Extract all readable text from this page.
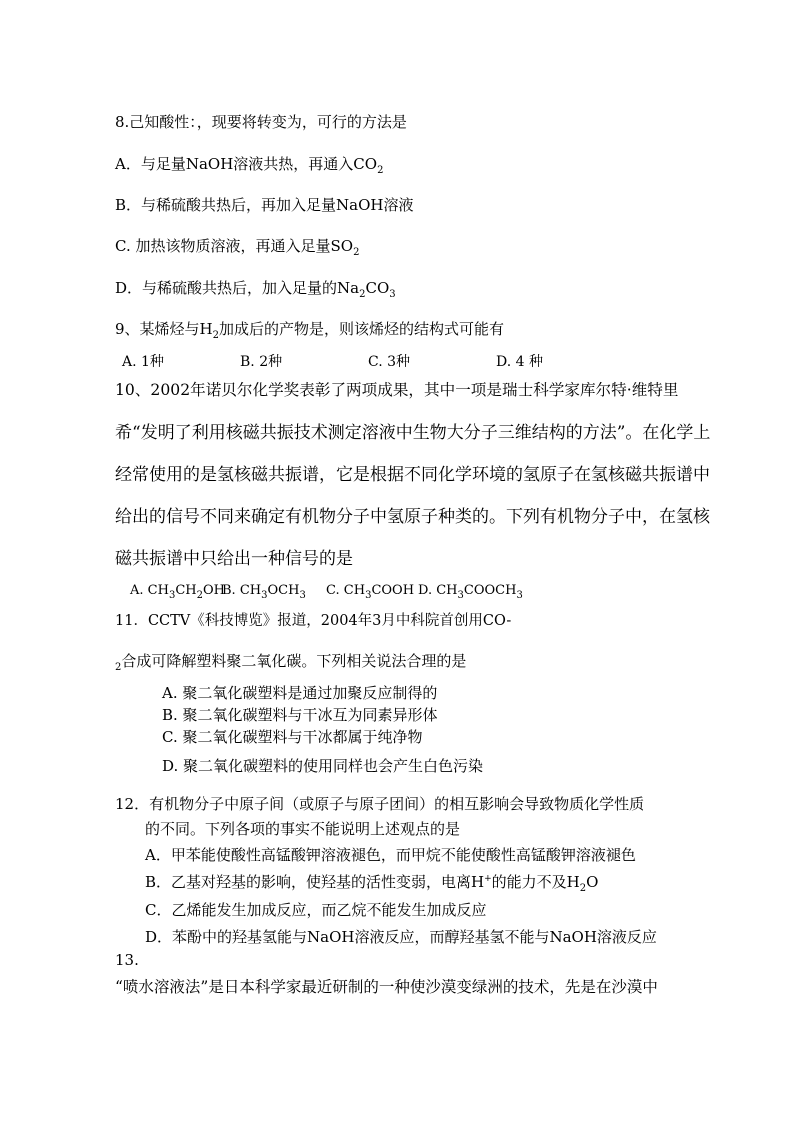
8.己知酸性：，现要将转变为，可行的方法是
A．与足量NaOH溶液共热，再通入$CO_2$
B．与稀硫酸共热后，再加入足量NaOH溶液
C. 加热该物质溶液，再通入足量$SO_2$
D．与稀硫酸共热后，加入足量的$Na_2CO_3$
9、某烯烃与$H_2$加成后的产物是，则该烯烃的结构式可能有
A. 1种	B. 2种	C. 3种	D. 4 种
10、2002年诺贝尔化学奖表彰了两项成果，其中一项是瑞士科学家库尔特·维特里
希“发明了利用核磁共振技术测定溶液中生物大分子三维结构的方法”。在化学上
经常使用的是氢核磁共振谱，它是根据不同化学环境的氢原子在氢核磁共振谱中
给出的信号不同来确定有机物分子中氢原子种类的。下列有机物分子中，在氢核
磁共振谱中只给出一种信号的是
A. $CH_3CH_2OHB$. $CH_3OCH_3$ C. $CH_3COOH$ D. $CH_3COOCH_3$
11．CCTV《科技博览》报道，2004年3月中科院首创用CO-
$_2$合成可降解塑料聚二氧化碳。下列相关说法合理的是
A. 聚二氧化碳塑料是通过加聚反应制得的
B. 聚二氧化碳塑料与干冰互为同素异形体
C. 聚二氧化碳塑料与干冰都属于纯净物
D. 聚二氧化碳塑料的使用同样也会产生白色污染
12．有机物分子中原子间（或原子与原子团间）的相互影响会导致物质化学性质
的不同。下列各项的事实不能说明上述观点的是
A．甲苯能使酸性高锰酸钾溶液褪色，而甲烷不能使酸性高锰酸钾溶液褪色
B．乙基对羟基的影响，使羟基的活性变弱，电离H+的能力不及$H_2O$
C．乙烯能发生加成反应，而乙烷不能发生加成反应
D．苯酚中的羟基氢能与NaOH溶液反应，而醇羟基氢不能与NaOH溶液反应
13.
“喷水溶液法”是日本科学家最近研制的一种使沙漠变绿洲的技术，先是在沙漠中
